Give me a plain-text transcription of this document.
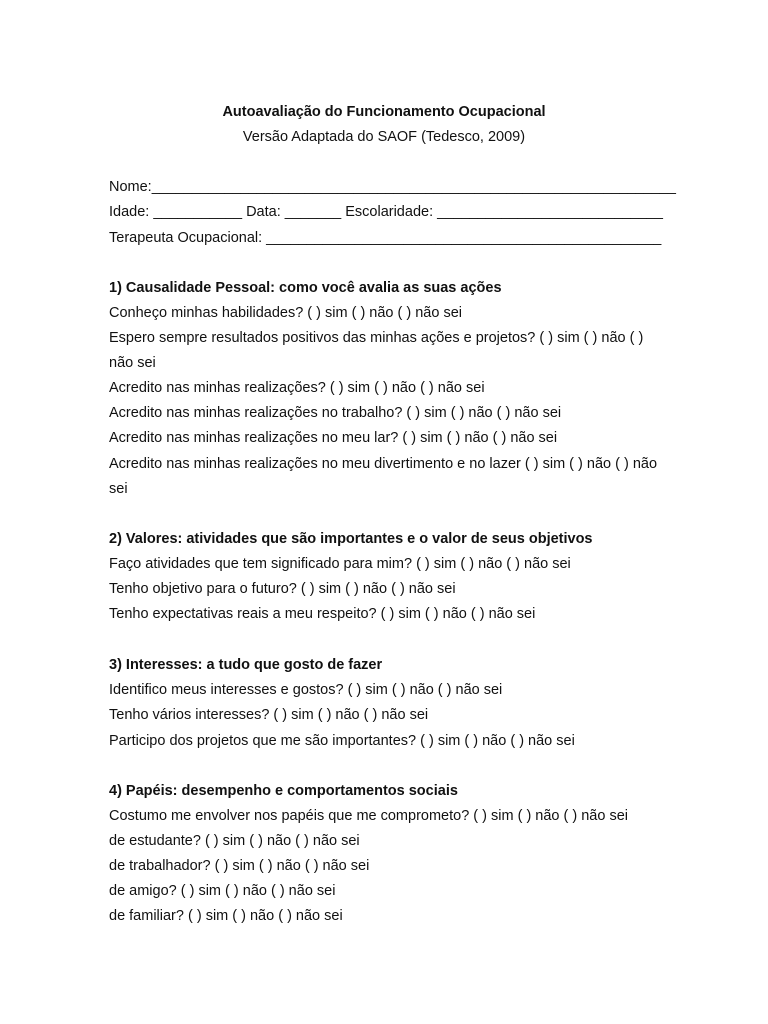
Autoavaliação do Funcionamento Ocupacional

Versão Adaptada do SAOF (Tedesco, 2009)

Nome:_________________________________________________________________

Idade: ___________ Data: _______ Escolaridade: ____________________________

Terapeuta Ocupacional: _________________________________________________

1) Causalidade Pessoal: como você avalia as suas ações

Conheço minhas habilidades? ( ) sim ( ) não ( ) não sei

Espero sempre resultados positivos das minhas ações e projetos? ( ) sim ( ) não ( )

não sei

Acredito nas minhas realizações? ( ) sim ( ) não ( ) não sei

Acredito nas minhas realizações no trabalho? ( ) sim ( ) não ( ) não sei

Acredito nas minhas realizações no meu lar? ( ) sim ( ) não ( ) não sei

Acredito nas minhas realizações no meu divertimento e no lazer ( ) sim ( ) não ( ) não

sei

2) Valores: atividades que são importantes e o valor de seus objetivos

Faço atividades que tem significado para mim? ( ) sim ( ) não ( ) não sei

Tenho objetivo para o futuro? ( ) sim ( ) não ( ) não sei

Tenho expectativas reais a meu respeito? ( ) sim ( ) não ( ) não sei

3) Interesses: a tudo que gosto de fazer

Identifico meus interesses e gostos? ( ) sim ( ) não ( ) não sei

Tenho vários interesses? ( ) sim ( ) não ( ) não sei

Participo dos projetos que me são importantes? ( ) sim ( ) não ( ) não sei

4) Papéis: desempenho e comportamentos sociais

Costumo me envolver nos papéis que me comprometo? ( ) sim ( ) não ( ) não sei

de estudante? ( ) sim ( ) não ( ) não sei

de trabalhador? ( ) sim ( ) não ( ) não sei

de amigo? ( ) sim ( ) não ( ) não sei

de familiar? ( ) sim ( ) não ( ) não sei
